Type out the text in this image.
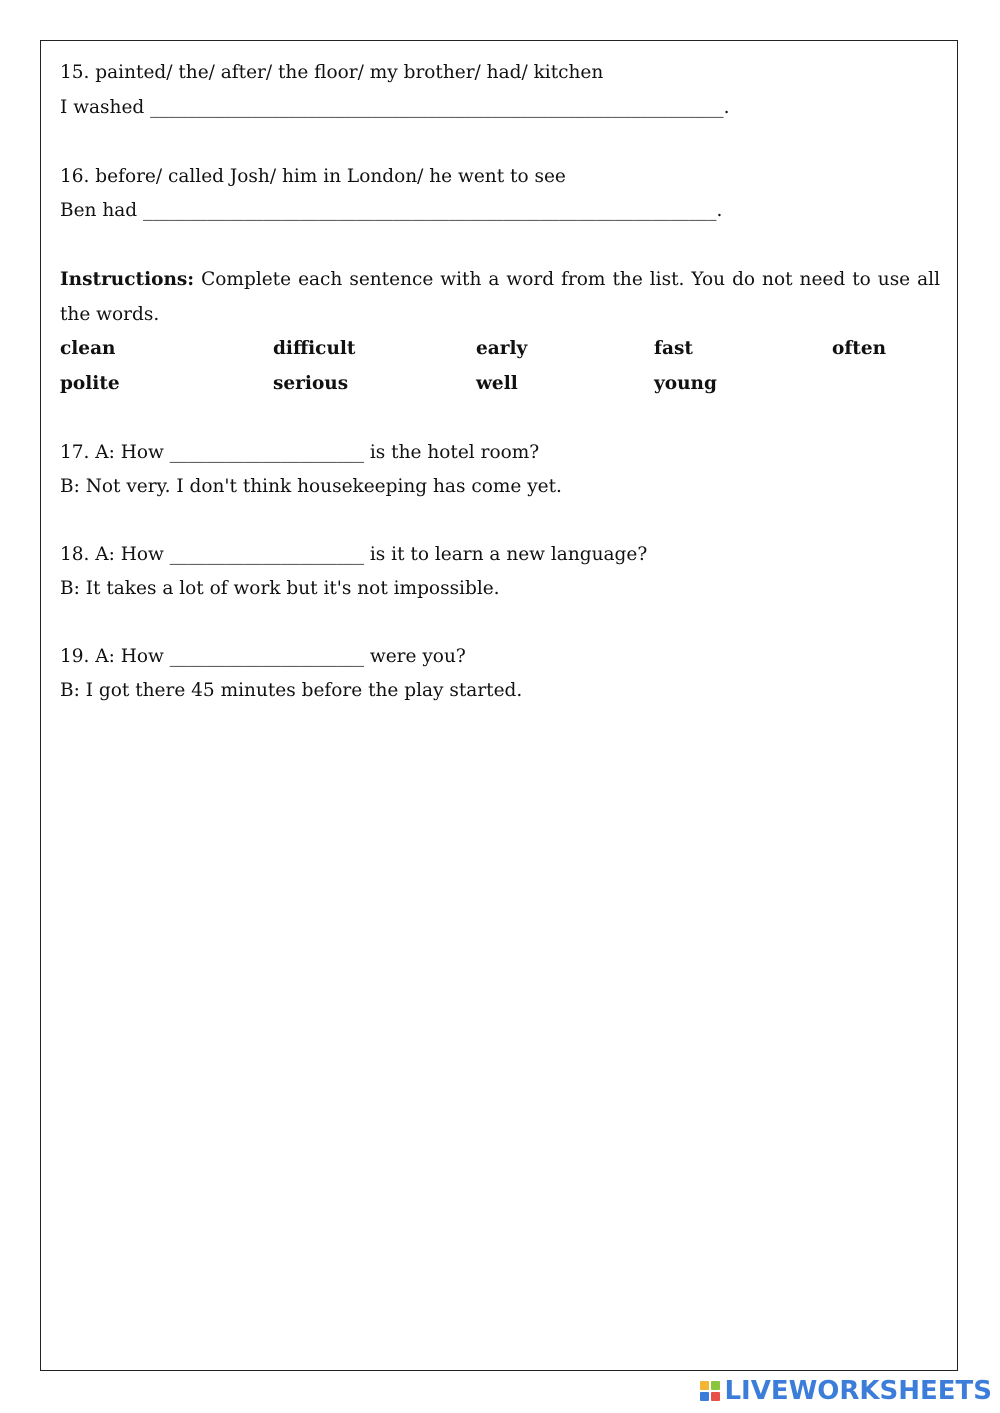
15. painted/ the/ after/ the floor/ my brother/ had/ kitchen
I washed ______________________________________________________________.
16. before/ called Josh/ him in London/ he went to see
Ben had ______________________________________________________________.
Instructions: Complete each sentence with a word from the list. You do not need to use all the words.
clean	difficult	early	fast	often
polite	serious	well	young
17. A: How _____________________ is the hotel room?
B: Not very. I don't think housekeeping has come yet.
18. A: How _____________________ is it to learn a new language?
B: It takes a lot of work but it's not impossible.
19. A: How _____________________ were you?
B: I got there 45 minutes before the play started.
LIVEWORKSHEETS
